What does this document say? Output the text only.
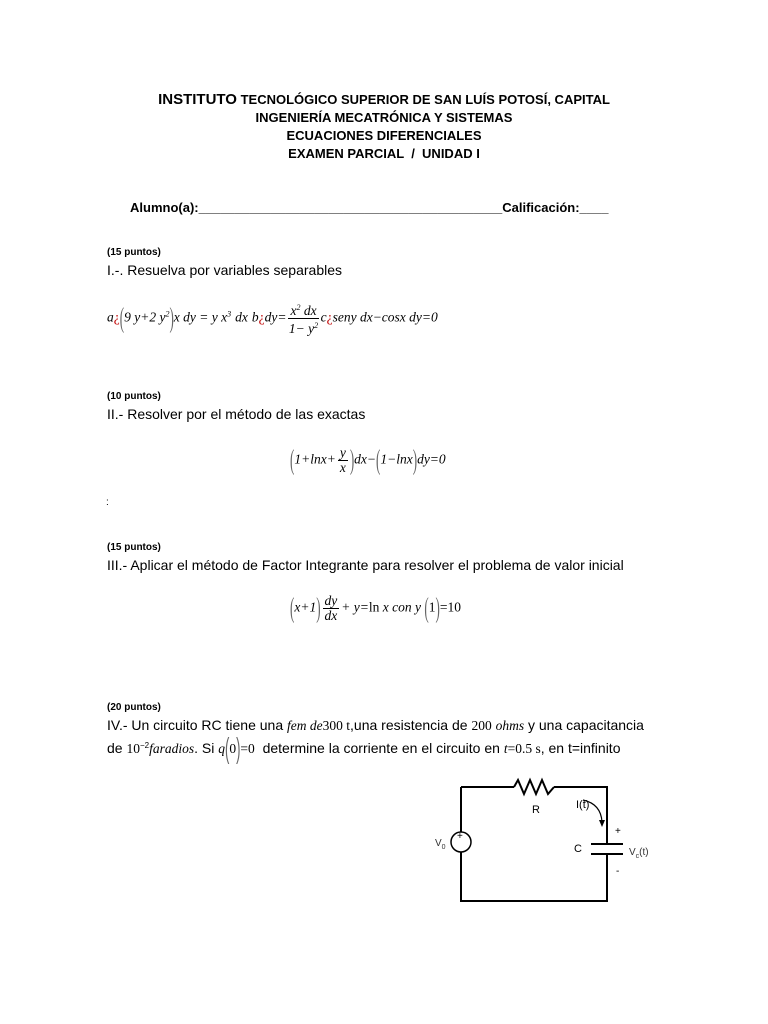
INSTITUTO TECNOLÓGICO SUPERIOR DE SAN LUÍS POTOSÍ, CAPITAL
INGENIERÍA MECATRÓNICA Y SISTEMAS
ECUACIONES DIFERENCIALES
EXAMEN PARCIAL  /  UNIDAD I
Alumno(a):__________________________________________Calificación:____
(15 puntos)
I.-. Resuelva por variables separables
a¿(9 y+2 $y^2)x$ dy = y $x^3$ dx b¿dy= $\frac{x^2 dx}{1- y^2}$ c¿seny dx−cosx dy=0
(10 puntos)
II.- Resolver por el método de las exactas
$(1+\ln x+ \frac{y}{x} )dx-(1-\ln x)dy=0$
:
(15 puntos)
III.- Aplicar el método de Factor Integrante para resolver el problema de valor inicial
$(x+1) \frac{dy}{dx} + y=\ln$ x con y (1)=10
(20 puntos)
IV.- Un circuito RC tiene una fem de300 t,una resistencia de 200 ohms y una capacitancia de $10^{-2}faradios$. Si q(0)=0 determine la corriente en el circuito en t=0.5 s, en t=infinito
+
R	I(t)
C
+
-
$V_0$	$V_c(t)$
